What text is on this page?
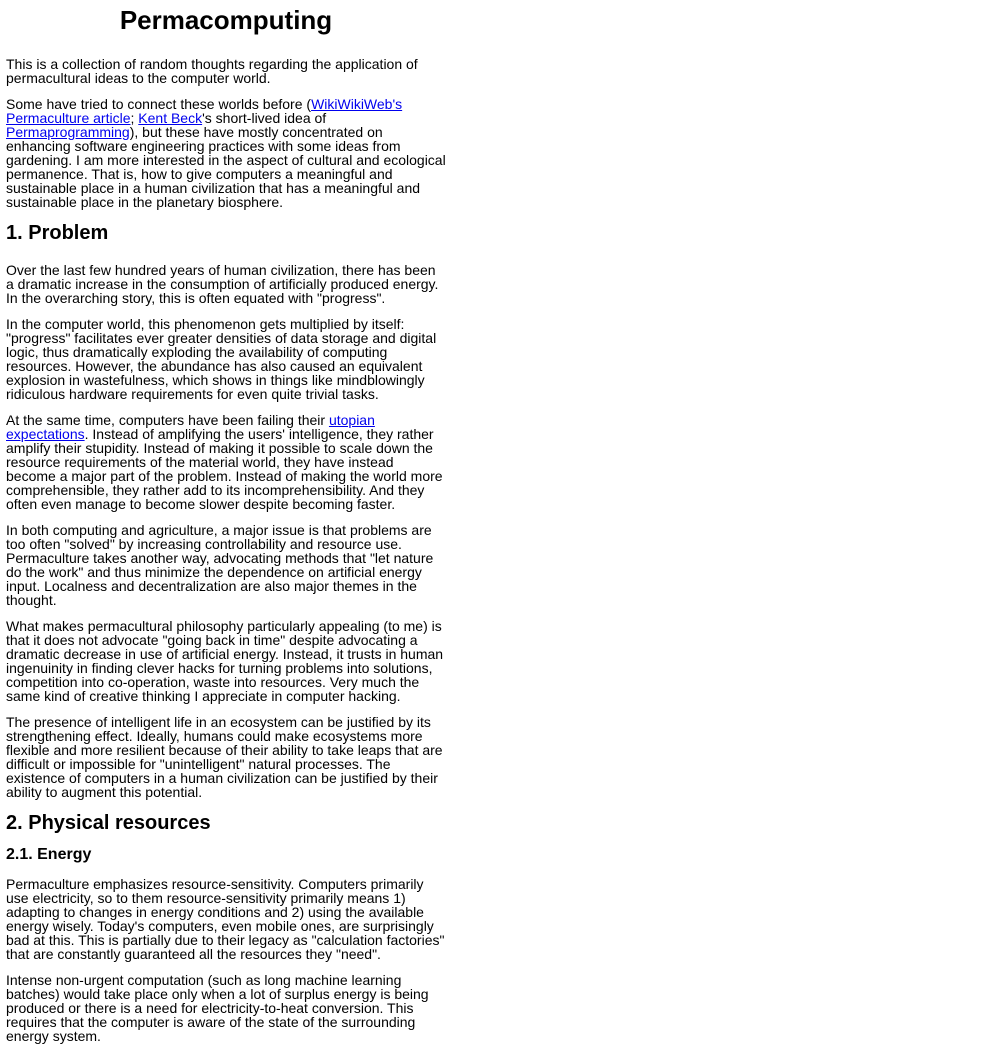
Permacomputing

This is a collection of random thoughts regarding the application of permacultural ideas to the computer world.

Some have tried to connect these worlds before (WikiWikiWeb's Permaculture article; Kent Beck's short-lived idea of Permaprogramming), but these have mostly concentrated on enhancing software engineering practices with some ideas from gardening. I am more interested in the aspect of cultural and ecological permanence. That is, how to give computers a meaningful and sustainable place in a human civilization that has a meaningful and sustainable place in the planetary biosphere.

1. Problem

Over the last few hundred years of human civilization, there has been a dramatic increase in the consumption of artificially produced energy. In the overarching story, this is often equated with "progress".

In the computer world, this phenomenon gets multiplied by itself: "progress" facilitates ever greater densities of data storage and digital logic, thus dramatically exploding the availability of computing resources. However, the abundance has also caused an equivalent explosion in wastefulness, which shows in things like mindblowingly ridiculous hardware requirements for even quite trivial tasks.

At the same time, computers have been failing their utopian expectations. Instead of amplifying the users' intelligence, they rather amplify their stupidity. Instead of making it possible to scale down the resource requirements of the material world, they have instead become a major part of the problem. Instead of making the world more comprehensible, they rather add to its incomprehensibility. And they often even manage to become slower despite becoming faster.

In both computing and agriculture, a major issue is that problems are too often "solved" by increasing controllability and resource use. Permaculture takes another way, advocating methods that "let nature do the work" and thus minimize the dependence on artificial energy input. Localness and decentralization are also major themes in the thought.

What makes permacultural philosophy particularly appealing (to me) is that it does not advocate "going back in time" despite advocating a dramatic decrease in use of artificial energy. Instead, it trusts in human ingenuinity in finding clever hacks for turning problems into solutions, competition into co-operation, waste into resources. Very much the same kind of creative thinking I appreciate in computer hacking.

The presence of intelligent life in an ecosystem can be justified by its strengthening effect. Ideally, humans could make ecosystems more flexible and more resilient because of their ability to take leaps that are difficult or impossible for "unintelligent" natural processes. The existence of computers in a human civilization can be justified by their ability to augment this potential.

2. Physical resources
2.1. Energy

Permaculture emphasizes resource-sensitivity. Computers primarily use electricity, so to them resource-sensitivity primarily means 1) adapting to changes in energy conditions and 2) using the available energy wisely. Today's computers, even mobile ones, are surprisingly bad at this. This is partially due to their legacy as "calculation factories" that are constantly guaranteed all the resources they "need".

Intense non-urgent computation (such as long machine learning batches) would take place only when a lot of surplus energy is being produced or there is a need for electricity-to-heat conversion. This requires that the computer is aware of the state of the surrounding energy system.
